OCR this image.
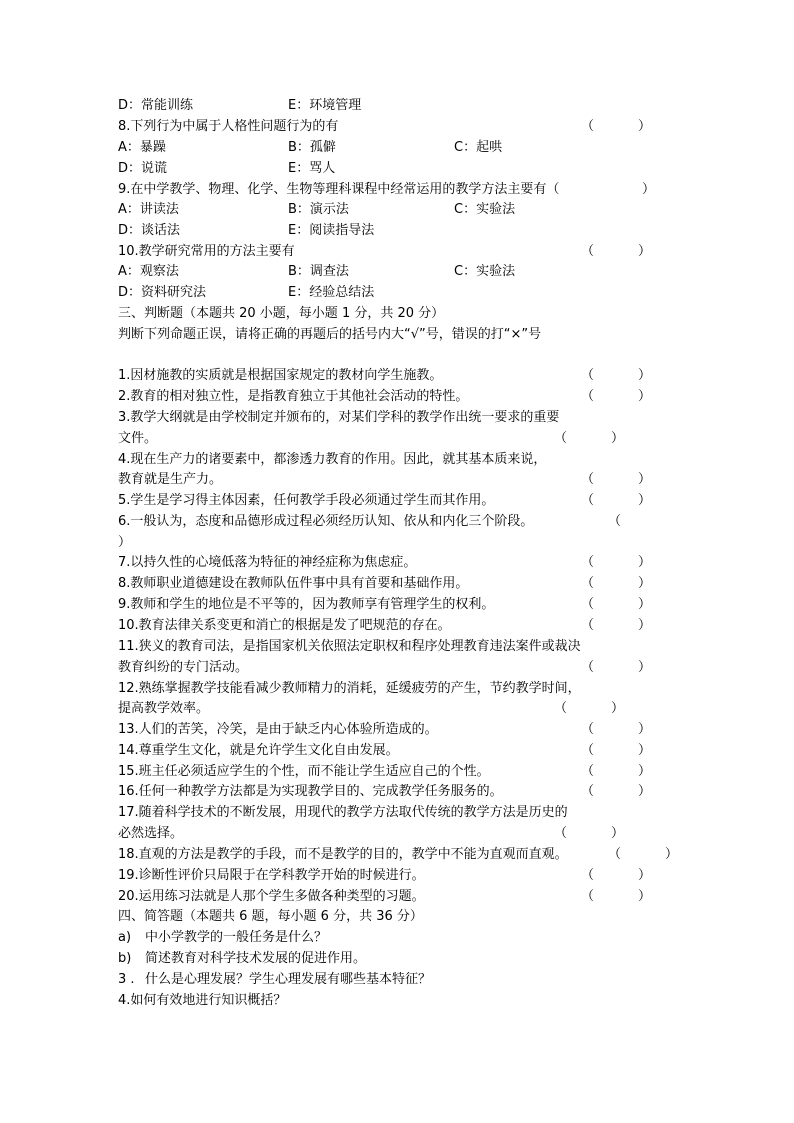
D：常能训练	E：环境管理
8.下列行为中属于人格性问题行为的有	（	）
A：暴躁	B：孤僻	C：起哄
D：说谎	E：骂人
9.在中学教学、物理、化学、生物等理科课程中经常运用的教学方法主要有（	）
A：讲读法	B：演示法	C：实验法
D：谈话法	E：阅读指导法
10.教学研究常用的方法主要有	（	）
A：观察法	B：调查法	C：实验法
D：资料研究法	E：经验总结法
三、判断题（本题共 20 小题，每小题 1 分，共 20 分）
判断下列命题正误，请将正确的再题后的括号内大“√”号，错误的打“×”号
1.因材施教的实质就是根据国家规定的教材向学生施教。	（	）
2.教育的相对独立性，是指教育独立于其他社会活动的特性。	（	）
3.教学大纲就是由学校制定并颁布的，对某们学科的教学作出统一要求的重要
文件。	（	）
4.现在生产力的诸要素中，都渗透力教育的作用。因此，就其基本质来说，
教育就是生产力。	（	）
5.学生是学习得主体因素，任何教学手段必须通过学生而其作用。	（	）
6.一般认为，态度和品德形成过程必须经历认知、依从和内化三个阶段。	（
）
7.以持久性的心境低落为特征的神经症称为焦虑症。	（	）
8.教师职业道德建设在教师队伍件事中具有首要和基础作用。	（	）
9.教师和学生的地位是不平等的，因为教师享有管理学生的权利。	（	）
10.教育法律关系变更和消亡的根据是发了吧规范的存在。	（	）
11.狭义的教育司法，是指国家机关依照法定职权和程序处理教育违法案件或裁决
教育纠纷的专门活动。	（	）
12.熟练掌握教学技能看减少教师精力的消耗，延缓疲劳的产生，节约教学时间，
提高教学效率。	（	）
13.人们的苦笑，冷笑，是由于缺乏内心体验所造成的。	（	）
14.尊重学生文化，就是允许学生文化自由发展。	（	）
15.班主任必须适应学生的个性，而不能让学生适应自己的个性。	（	）
16.任何一种教学方法都是为实现教学目的、完成教学任务服务的。	（	）
17.随着科学技术的不断发展，用现代的教学方法取代传统的教学方法是历史的
必然选择。	（	）
18.直观的方法是教学的手段，而不是教学的目的，教学中不能为直观而直观。	（	）
19.诊断性评价只局限于在学科教学开始的时候进行。	（	）
20.运用练习法就是人那个学生多做各种类型的习题。	（	）
四、简答题（本题共 6 题，每小题 6 分，共 36 分）
a) 中小学教学的一般任务是什么？
b) 简述教育对科学技术发展的促进作用。
3 . 什么是心理发展？学生心理发展有哪些基本特征？
4.如何有效地进行知识概括？
